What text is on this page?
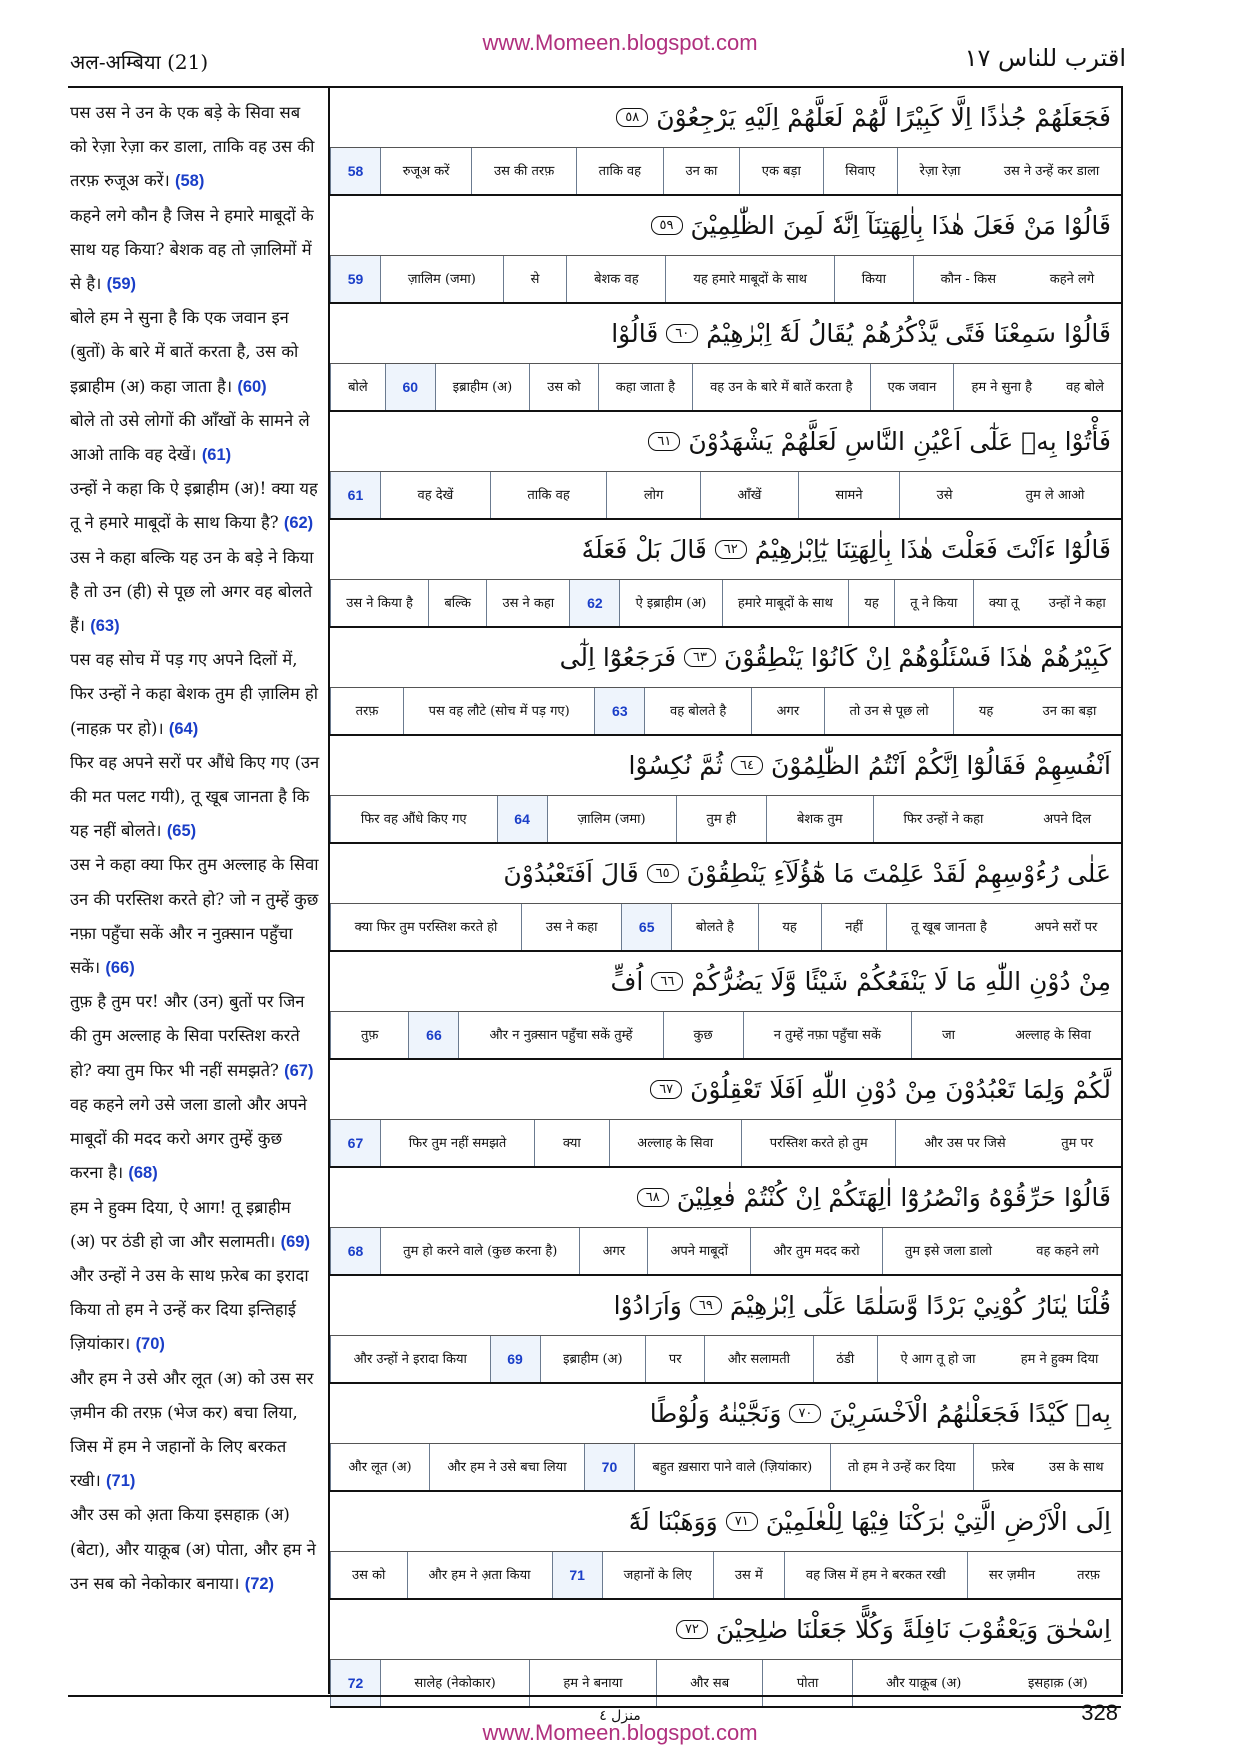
अल-अम्बिया (21)
www.Momeen.blogspot.com
اقترب للناس ١٧
पस उस ने उन के एक बड़े के सिवा सब को रेज़ा रेज़ा कर डाला, ताकि वह उस की तरफ़ रुजूअ करें। (58)
कहने लगे कौन है जिस ने हमारे माबूदों के साथ यह किया? बेशक वह तो ज़ालिमों में से है। (59)
बोले हम ने सुना है कि एक जवान इन (बुतों) के बारे में बातें करता है, उस को इब्राहीम (अ) कहा जाता है। (60)
बोले तो उसे लोगों की आँखों के सामने ले आओ ताकि वह देखें। (61)
उन्हों ने कहा कि ऐ इब्राहीम (अ)! क्या यह तू ने हमारे माबूदों के साथ किया है? (62)
उस ने कहा बल्कि यह उन के बड़े ने किया है तो उन (ही) से पूछ लो अगर वह बोलते हैं। (63)
पस वह सोच में पड़ गए अपने दिलों में, फिर उन्हों ने कहा बेशक तुम ही ज़ालिम हो (नाहक़ पर हो)। (64)
फिर वह अपने सरों पर औंधे किए गए (उन की मत पलट गयी), तू खूब जानता है कि यह नहीं बोलते। (65)
उस ने कहा क्या फिर तुम अल्लाह के सिवा उन की परस्तिश करते हो? जो न तुम्हें कुछ नफ़ा पहुँचा सकें और न नुक़्सान पहुँचा सकें। (66)
तुफ़ है तुम पर! और (उन) बुतों पर जिन की तुम अल्लाह के सिवा परस्तिश करते हो? क्या तुम फिर भी नहीं समझते? (67)
वह कहने लगे उसे जला डालो और अपने माबूदों की मदद करो अगर तुम्हें कुछ करना है। (68)
हम ने हुक्म दिया, ऐ आग! तू इब्राहीम (अ) पर ठंडी हो जा और सलामती। (69)
और उन्हों ने उस के साथ फ़रेब का इरादा किया तो हम ने उन्हें कर दिया इन्तिहाई ज़ियांकार। (70)
और हम ने उसे और लूत (अ) को उस सर ज़मीन की तरफ़ (भेज कर) बचा लिया, जिस में हम ने जहानों के लिए बरकत रखी। (71)
और उस को अ़ता किया इसहाक़ (अ) (बेटा), और याक़ूब (अ) पोता, और हम ने उन सब को नेकोकार बनाया। (72)

فَجَعَلَهُمْ جُذٰذًا اِلَّا كَبِيْرًا لَّهُمْ لَعَلَّهُمْ اِلَيْهِ يَرْجِعُوْنَ
٥٨
उस ने उन्हें कर डाला
रेज़ा रेज़ा
सिवाए
एक बड़ा
उन का
ताकि वह
उस की तरफ़
रुजूअ करें
58
قَالُوْا مَنْ فَعَلَ هٰذَا بِاٰلِهَتِنَآ اِنَّهٗ لَمِنَ الظّٰلِمِيْنَ
٥٩
कहने लगे
कौन - किस
किया
यह हमारे माबूदों के साथ
बेशक वह
से
ज़ालिम (जमा)
59
قَالُوْا سَمِعْنَا فَتًى يَّذْكُرُهُمْ يُقَالُ لَهٗٓ اِبْرٰهِيْمُ
٦٠
قَالُوْا
वह बोले
हम ने सुना है
एक जवान
वह उन के बारे में बातें करता है
कहा जाता है
उस को
इब्राहीम (अ)
60
बोले
فَأْتُوْا بِهٖ عَلٰٓى اَعْيُنِ النَّاسِ لَعَلَّهُمْ يَشْهَدُوْنَ
٦١
तुम ले आओ
उसे
सामने
आँखें
लोग
ताकि वह
वह देखें
61
قَالُوْٓا ءَاَنْتَ فَعَلْتَ هٰذَا بِاٰلِهَتِنَا يٰٓاِبْرٰهِيْمُ
٦٢
قَالَ بَلْ فَعَلَهٗ
उन्हों ने कहा
क्या तू
तू ने किया
यह
हमारे माबूदों के साथ
ऐ इब्राहीम (अ)
62
उस ने कहा
बल्कि
उस ने किया है
كَبِيْرُهُمْ هٰذَا فَسْئَلُوْهُمْ اِنْ كَانُوْا يَنْطِقُوْنَ
٦٣
فَرَجَعُوْٓا اِلٰٓى
उन का बड़ा
यह
तो उन से पूछ लो
अगर
वह बोलते है
63
पस वह लौटे (सोच में पड़ गए)
तरफ़
اَنْفُسِهِمْ فَقَالُوْٓا اِنَّكُمْ اَنْتُمُ الظّٰلِمُوْنَ
٦٤
ثُمَّ نُكِسُوْا
अपने दिल
फिर उन्हों ने कहा
बेशक तुम
तुम ही
ज़ालिम (जमा)
64
फिर वह औंधे किए गए
عَلٰى رُءُوْسِهِمْ لَقَدْ عَلِمْتَ مَا هٰٓؤُلَآءِ يَنْطِقُوْنَ
٦٥
قَالَ اَفَتَعْبُدُوْنَ
अपने सरों पर
तू खूब जानता है
नहीं
यह
बोलते है
65
उस ने कहा
क्या फिर तुम परस्तिश करते हो
مِنْ دُوْنِ اللّٰهِ مَا لَا يَنْفَعُكُمْ شَيْئًا وَّلَا يَضُرُّكُمْ
٦٦
اُفٍّ
अल्लाह के सिवा
जा
न तुम्हें नफ़ा पहुँचा सकें
कुछ
और न नुक़्सान पहुँचा सकें तुम्हें
66
तुफ़
لَّكُمْ وَلِمَا تَعْبُدُوْنَ مِنْ دُوْنِ اللّٰهِ اَفَلَا تَعْقِلُوْنَ
٦٧
तुम पर
और उस पर जिसे
परस्तिश करते हो तुम
अल्लाह के सिवा
क्या
फिर तुम नहीं समझते
67
قَالُوْا حَرِّقُوْهُ وَانْصُرُوْٓا اٰلِهَتَكُمْ اِنْ كُنْتُمْ فٰعِلِيْنَ
٦٨
वह कहने लगे
तुम इसे जला डालो
और तुम मदद करो
अपने माबूदों
अगर
तुम हो करने वाले (कुछ करना है)
68
قُلْنَا يٰنَارُ كُوْنِيْ بَرْدًا وَّسَلٰمًا عَلٰٓى اِبْرٰهِيْمَ
٦٩
وَاَرَادُوْا
हम ने हुक्म दिया
ऐ आग तू हो जा
ठंडी
और सलामती
पर
इब्राहीम (अ)
69
और उन्हों ने इरादा किया
بِهٖ كَيْدًا فَجَعَلْنٰهُمُ الْاَخْسَرِيْنَ
٧٠
وَنَجَّيْنٰهُ وَلُوْطًا
उस के साथ
फ़रेब
तो हम ने उन्हें कर दिया
बहुत ख़सारा पाने वाले (ज़ियांकार)
70
और हम ने उसे बचा लिया
और लूत (अ)
اِلَى الْاَرْضِ الَّتِيْ بٰرَكْنَا فِيْهَا لِلْعٰلَمِيْنَ
٧١
وَوَهَبْنَا لَهٗٓ
तरफ़
सर ज़मीन
वह जिस में हम ने बरकत रखी
उस में
जहानों के लिए
71
और हम ने अ़ता किया
उस को
اِسْحٰقَ وَيَعْقُوْبَ نَافِلَةً وَكُلًّا جَعَلْنَا صٰلِحِيْنَ
٧٢
इसहाक़ (अ)
और याक़ूब (अ)
पोता
और सब
हम ने बनाया
सालेह (नेकोकार)
72
منزل ٤	328
www.Momeen.blogspot.com
